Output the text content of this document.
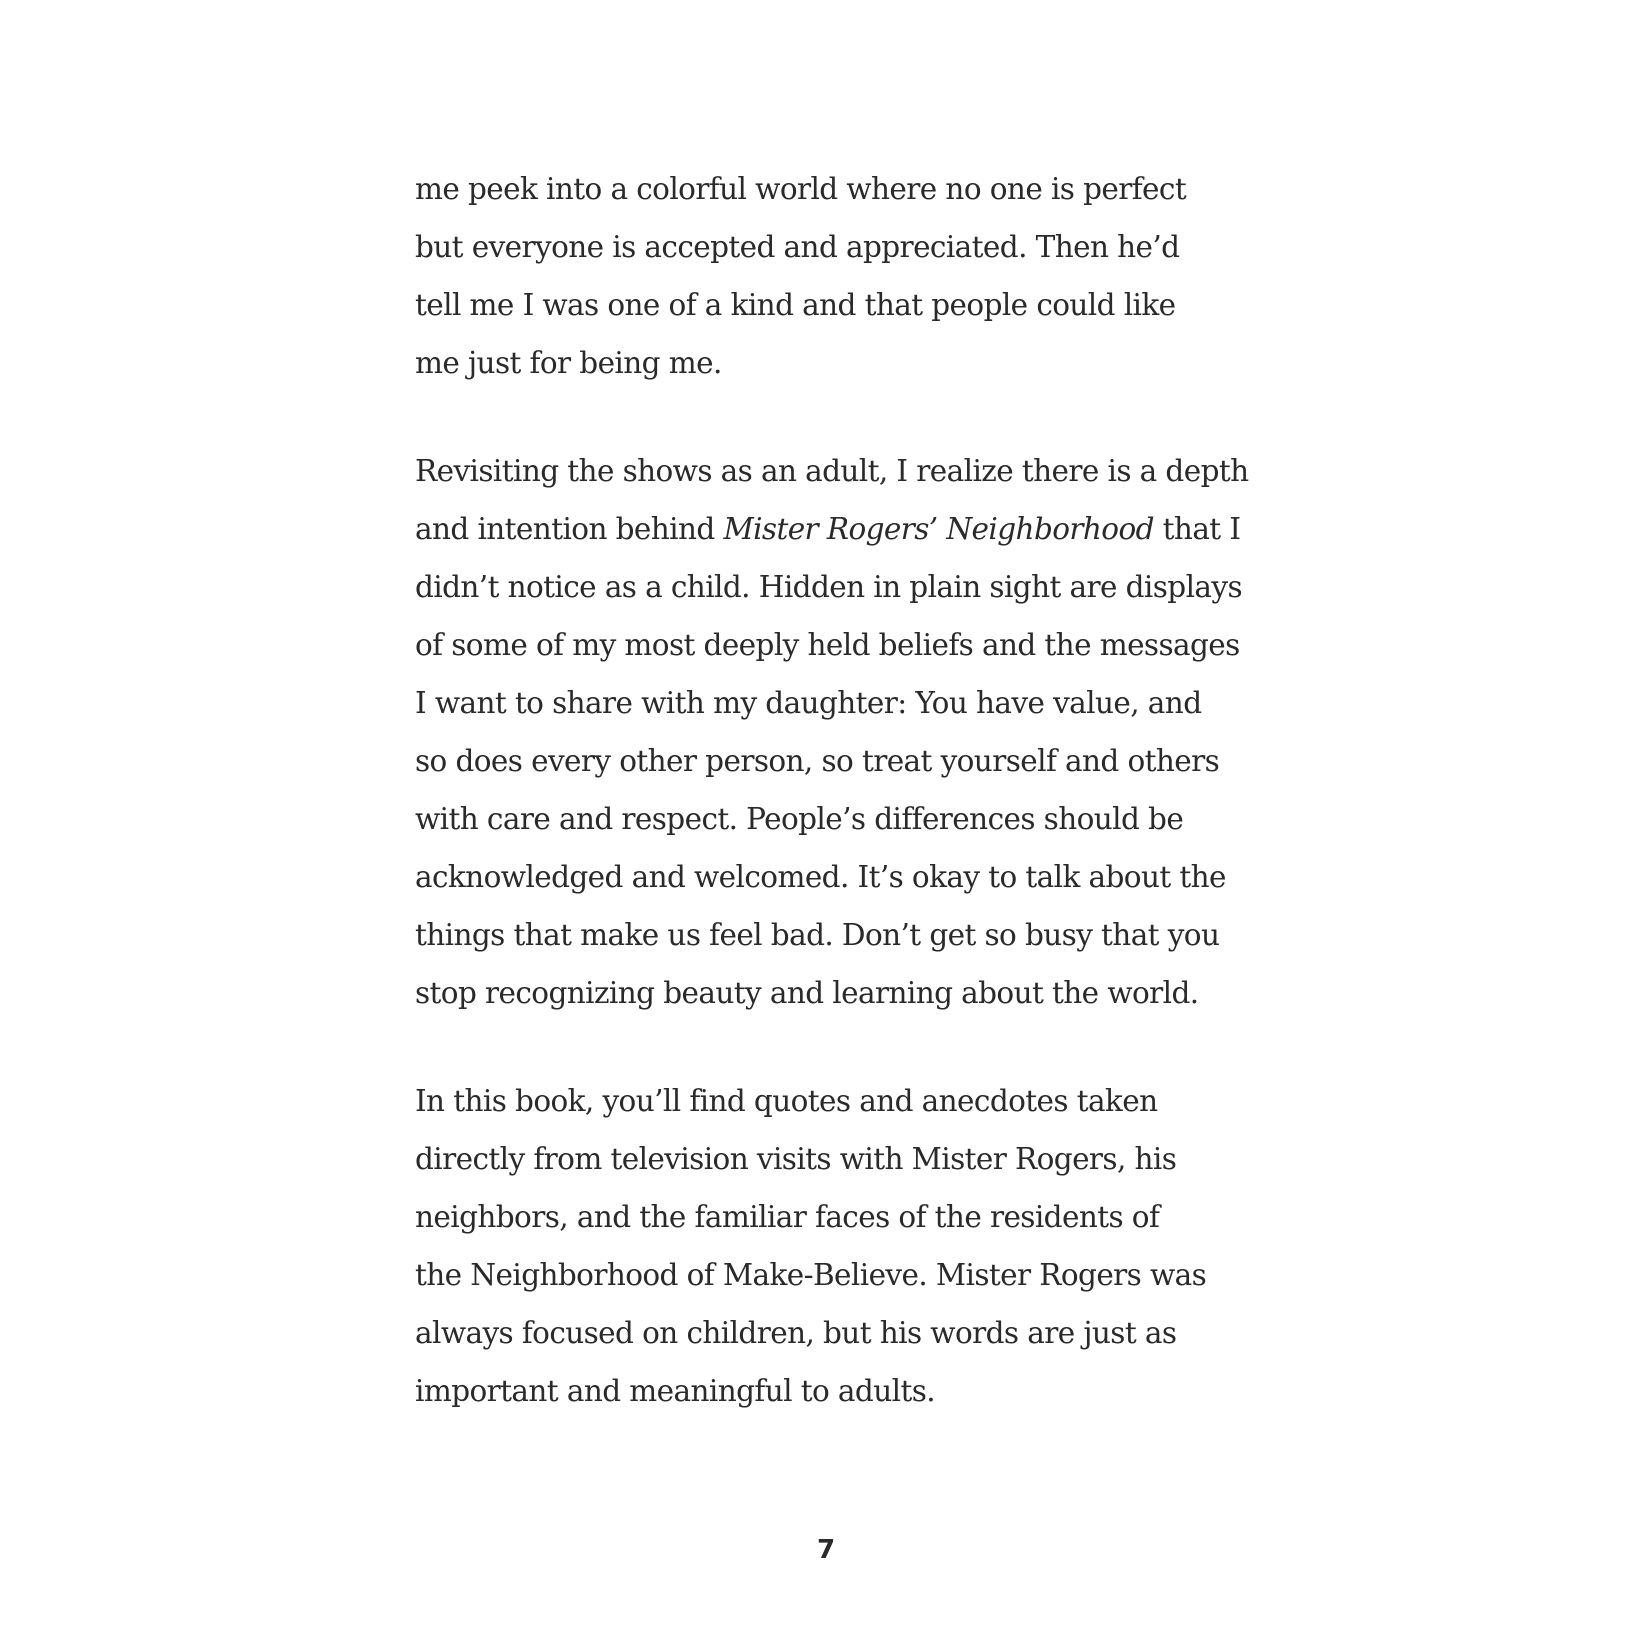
me peek into a colorful world where no one is perfect
but everyone is accepted and appreciated. Then he’d
tell me I was one of a kind and that people could like
me just for being me.

Revisiting the shows as an adult, I realize there is a depth
and intention behind Mister Rogers’ Neighborhood that I
didn’t notice as a child. Hidden in plain sight are displays
of some of my most deeply held beliefs and the messages
I want to share with my daughter: You have value, and
so does every other person, so treat yourself and others
with care and respect. People’s differences should be
acknowledged and welcomed. It’s okay to talk about the
things that make us feel bad. Don’t get so busy that you
stop recognizing beauty and learning about the world.

In this book, you’ll find quotes and anecdotes taken
directly from television visits with Mister Rogers, his
neighbors, and the familiar faces of the residents of
the Neighborhood of Make-Believe. Mister Rogers was
always focused on children, but his words are just as
important and meaningful to adults.

7
